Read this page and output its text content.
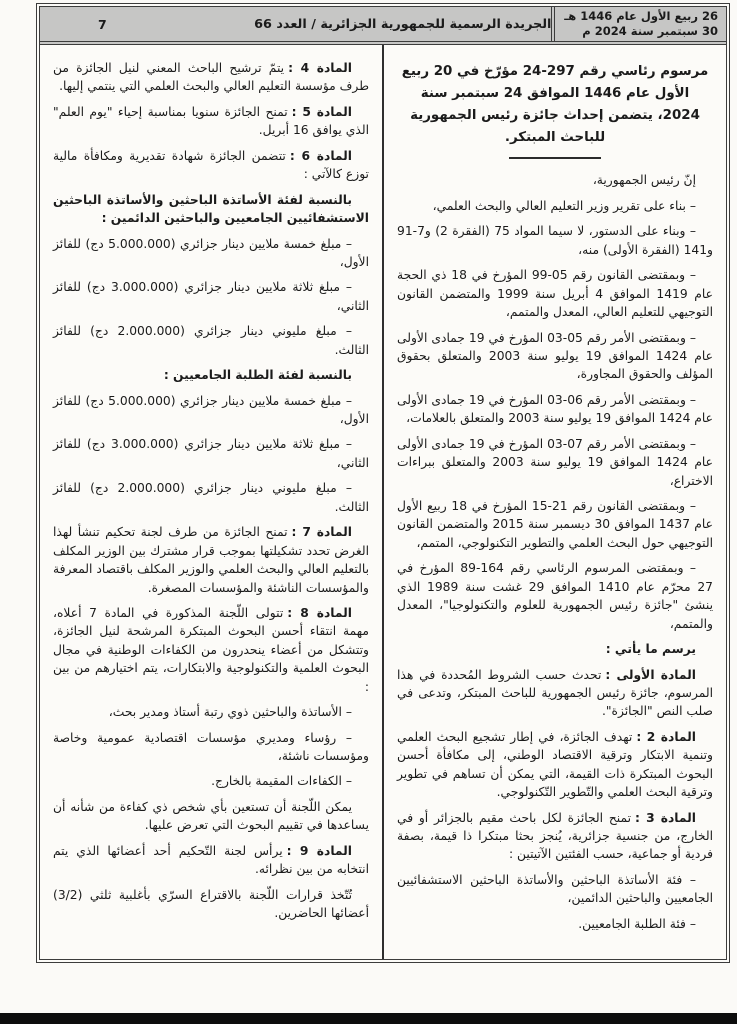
26 ربيع الأول عام 1446 هـ
30 سبتمبر سنة 2024 م
الجريدة الرسمية للجمهورية الجزائرية / العدد 66
7
مرسوم رئاسي رقم 297-24 مؤرّخ في 20 ربيع الأول عام 1446 الموافق 24 سبتمبر سنة 2024، يتضمن إحداث جائزة رئيس الجمهورية للباحث المبتكر.

إنّ رئيس الجمهورية،

– بناء على تقرير وزير التعليم العالي والبحث العلمي،

– وبناء على الدستور، لا سيما المواد 75 (الفقرة 2) و7-91 و141 (الفقرة الأولى) منه،

– وبمقتضى القانون رقم 05-99 المؤرخ في 18 ذي الحجة عام 1419 الموافق 4 أبريل سنة 1999 والمتضمن القانون التوجيهي للتعليم العالي، المعدل والمتمم،

– وبمقتضى الأمر رقم 05-03 المؤرخ في 19 جمادى الأولى عام 1424 الموافق 19 يوليو سنة 2003 والمتعلق بحقوق المؤلف والحقوق المجاورة،

– وبمقتضى الأمر رقم 06-03 المؤرخ في 19 جمادى الأولى عام 1424 الموافق 19 يوليو سنة 2003 والمتعلق بالعلامات،

– وبمقتضى الأمر رقم 07-03 المؤرخ في 19 جمادى الأولى عام 1424 الموافق 19 يوليو سنة 2003 والمتعلق ببراءات الاختراع،

– وبمقتضى القانون رقم 21-15 المؤرخ في 18 ربيع الأول عام 1437 الموافق 30 ديسمبر سنة 2015 والمتضمن القانون التوجيهي حول البحث العلمي والتطوير التكنولوجي، المتمم،

– وبمقتضى المرسوم الرئاسي رقم 164-89 المؤرخ في 27 محرّم عام 1410 الموافق 29 غشت سنة 1989 الذي ينشئ "جائزة رئيس الجمهورية للعلوم والتكنولوجيا"، المعدل والمتمم،

يرسم ما يأتي :

المادة الأولى :تحدث حسب الشروط المُحددة في هذا المرسوم، جائزة رئيس الجمهورية للباحث المبتكر، وتدعى في صلب النص "الجائزة".

المادة 2 :تهدف الجائزة، في إطار تشجيع البحث العلمي وتنمية الابتكار وترقية الاقتصاد الوطني، إلى مكافأة أحسن البحوث المبتكرة ذات القيمة، التي يمكن أن تساهم في تطوير وترقية البحث العلمي والتّطوير التّكنولوجي.

المادة 3 :تمنح الجائزة لكل باحث مقيم بالجزائر أو في الخارج، من جنسية جزائرية، يُنجز بحثا مبتكرا ذا قيمة، بصفة فردية أو جماعية، حسب الفئتين الآتيتين :

– فئة الأساتذة الباحثين والأساتذة الباحثين الاستشفائيين الجامعيين والباحثين الدائمين،

– فئة الطلبة الجامعيين.

المادة 4 :يتمّ ترشيح الباحث المعني لنيل الجائزة من طرف مؤسسة التعليم العالي والبحث العلمي التي ينتمي إليها.

المادة 5 :تمنح الجائزة سنويا بمناسبة إحياء "يوم العلم" الذي يوافق 16 أبريل.

المادة 6 :تتضمن الجائزة شهادة تقديرية ومكافأة مالية توزع كالآتي :

بالنسبة لفئة الأساتذة الباحثين والأساتذة الباحثين الاستشفائيين الجامعيين والباحثين الدائمين :

– مبلغ خمسة ملايين دينار جزائري (5.000.000 دج) للفائز الأول،

– مبلغ ثلاثة ملايين دينار جزائري (3.000.000 دج) للفائز الثاني،

– مبلغ مليوني دينار جزائري (2.000.000 دج) للفائز الثالث.

بالنسبة لفئة الطلبة الجامعيين :

– مبلغ خمسة ملايين دينار جزائري (5.000.000 دج) للفائز الأول،

– مبلغ ثلاثة ملايين دينار جزائري (3.000.000 دج) للفائز الثاني،

– مبلغ مليوني دينار جزائري (2.000.000 دج) للفائز الثالث.

المادة 7 :تمنح الجائزة من طرف لجنة تحكيم تنشأ لهذا الغرض تحدد تشكيلتها بموجب قرار مشترك بين الوزير المكلف بالتعليم العالي والبحث العلمي والوزير المكلف باقتصاد المعرفة والمؤسسات الناشئة والمؤسسات المصغرة.

المادة 8 :تتولى اللّجنة المذكورة في المادة 7 أعلاه، مهمة انتقاء أحسن البحوث المبتكرة المرشحة لنيل الجائزة، وتتشكل من أعضاء ينحدرون من الكفاءات الوطنية في مجال البحوث العلمية والتكنولوجية والابتكارات، يتم اختيارهم من بين :

– الأساتذة والباحثين ذوي رتبة أستاذ ومدير بحث،

– رؤساء ومديري مؤسسات اقتصادية عمومية وخاصة ومؤسسات ناشئة،

– الكفاءات المقيمة بالخارج.

يمكن اللّجنة أن تستعين بأي شخص ذي كفاءة من شأنه أن يساعدها في تقييم البحوث التي تعرض عليها.

المادة 9 :يرأس لجنة التّحكيم أحد أعضائها الذي يتم انتخابه من بين نظرائه.

تُتّخذ قرارات اللّجنة بالاقتراع السرّي بأغلبية ثلثي (3/2) أعضائها الحاضرين.
